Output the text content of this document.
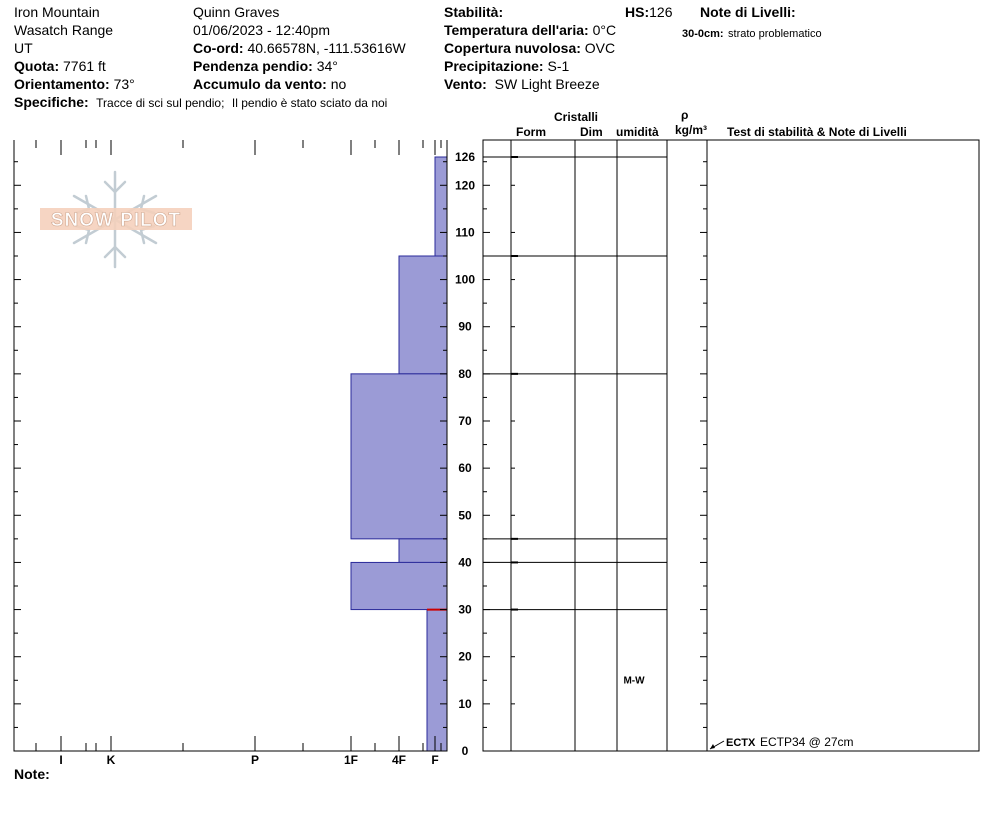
Iron Mountain
Wasatch Range
UT
Quota: 7761 ft
Orientamento: 73°
Specifiche: Tracce di sci sul pendio; Il pendio è stato sciato da noi
Quinn Graves
01/06/2023 - 12:40pm
Co-ord: 40.66578N, -111.53616W
Pendenza pendio: 34°
Accumulo da vento: no
Stabilità:
Temperatura dell'aria: 0°C
Copertura nuvolosa: OVC
Precipitazione: S-1
Vento: SW Light Breeze
HS:126 Note di Livelli:
30-0cm: strato problematico
Cristalli
Form	Dim umidità
ρ
kg/m³ Test di stabilità & Note di Livelli
Note:
SNOW PILOT
0
10
20
30
40
50
60
70
80
90
100
110
120
126
I	K	P	1F	4F F
M-W
ECTX ECTP34 @ 27cm
